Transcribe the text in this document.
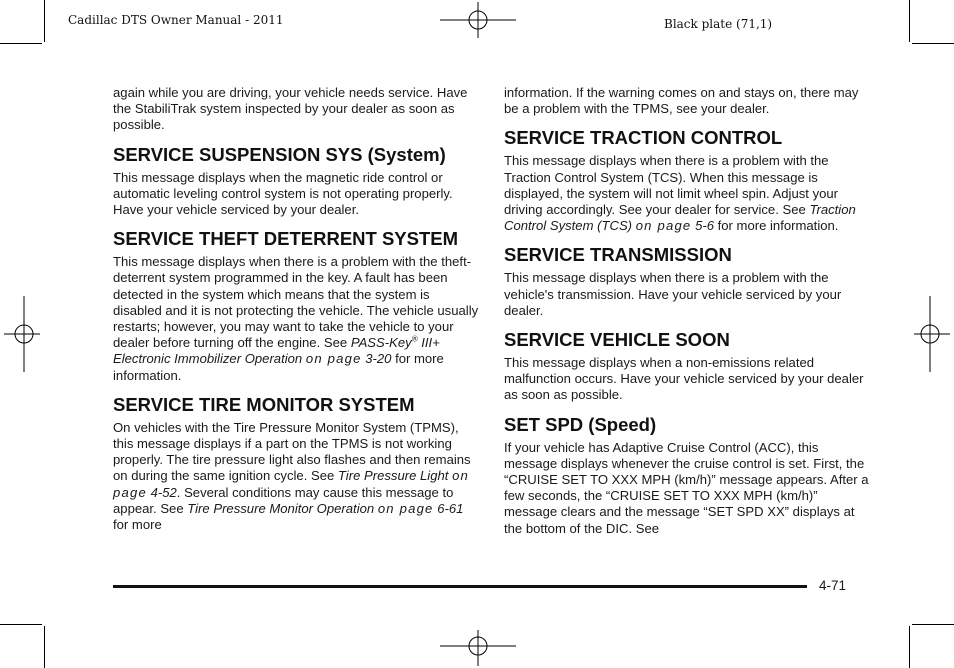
Cadillac DTS Owner Manual - 2011	Black plate (71,1)

again while you are driving, your vehicle needs service. Have the StabiliTrak system inspected by your dealer as soon as possible.

SERVICE SUSPENSION SYS (System)

This message displays when the magnetic ride control or automatic leveling control system is not operating properly. Have your vehicle serviced by your dealer.

SERVICE THEFT DETERRENT SYSTEM

This message displays when there is a problem with the theft-deterrent system programmed in the key. A fault has been detected in the system which means that the system is disabled and it is not protecting the vehicle. The vehicle usually restarts; however, you may want to take the vehicle to your dealer before turning off the engine. See PASS-Key® III+ Electronic Immobilizer Operation on page 3-20 for more information.

SERVICE TIRE MONITOR SYSTEM

On vehicles with the Tire Pressure Monitor System (TPMS), this message displays if a part on the TPMS is not working properly. The tire pressure light also flashes and then remains on during the same ignition cycle. See Tire Pressure Light on page 4-52. Several conditions may cause this message to appear. See Tire Pressure Monitor Operation on page 6-61 for more

information. If the warning comes on and stays on, there may be a problem with the TPMS, see your dealer.

SERVICE TRACTION CONTROL

This message displays when there is a problem with the Traction Control System (TCS). When this message is displayed, the system will not limit wheel spin. Adjust your driving accordingly. See your dealer for service. See Traction Control System (TCS) on page 5-6 for more information.

SERVICE TRANSMISSION

This message displays when there is a problem with the vehicle's transmission. Have your vehicle serviced by your dealer.

SERVICE VEHICLE SOON

This message displays when a non-emissions related malfunction occurs. Have your vehicle serviced by your dealer as soon as possible.

SET SPD (Speed)

If your vehicle has Adaptive Cruise Control (ACC), this message displays whenever the cruise control is set. First, the “CRUISE SET TO XXX MPH (km/h)” message appears. After a few seconds, the “CRUISE SET TO XXX MPH (km/h)” message clears and the message “SET SPD XX” displays at the bottom of the DIC. See

4-71
